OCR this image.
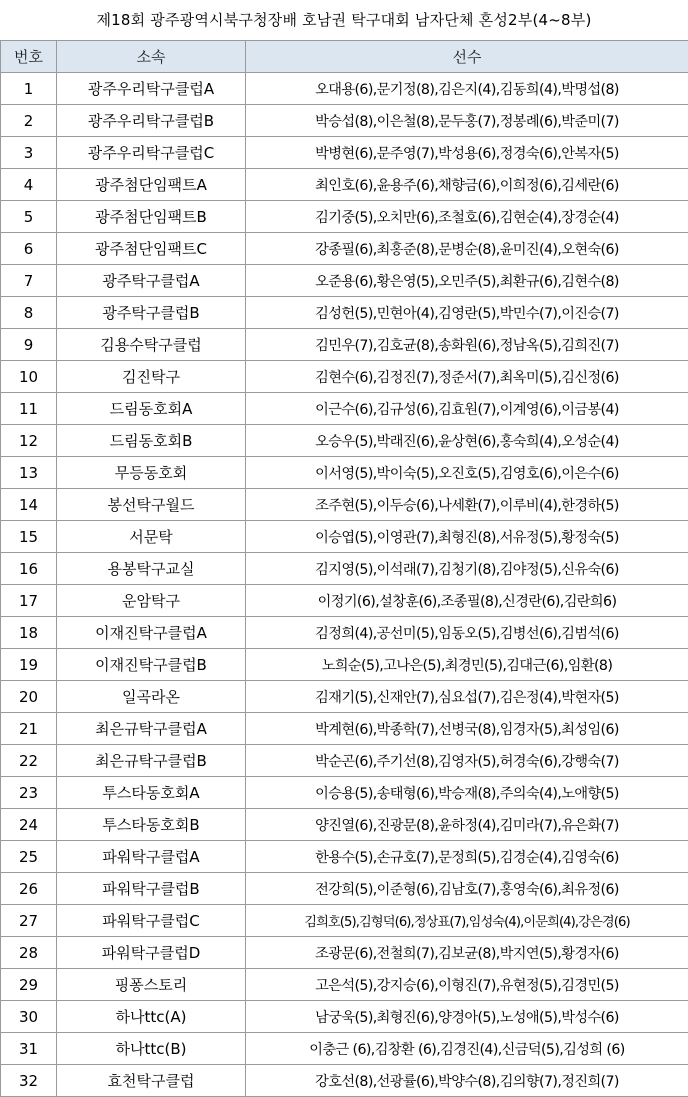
제18회 광주광역시북구청장배 호남권 탁구대회 남자단체 혼성2부(4~8부)
번호	소속	선수
1	광주우리탁구클럽A	오대용(6),문기정(8),김은지(4),김동희(4),박명섭(8)
2	광주우리탁구클럽B	박승섭(8),이은철(8),문두홍(7),정봉례(6),박준미(7)
3	광주우리탁구클럽C	박병현(6),문주영(7),박성용(6),정경숙(6),안복자(5)
4	광주첨단임팩트A	최인호(6),윤용주(6),채향금(6),이희정(6),김세란(6)
5	광주첨단임팩트B	김기중(5),오치만(6),조철호(6),김현순(4),장경순(4)
6	광주첨단임팩트C	강종필(6),최홍준(8),문병순(8),윤미진(4),오현숙(6)
7	광주탁구클럽A	오준용(6),황은영(5),오민주(5),최환규(6),김현수(8)
8	광주탁구클럽B	김성헌(5),민현아(4),김영란(5),박민수(7),이진승(7)
9	김용수탁구클럽	김민우(7),김호균(8),송화원(6),정남옥(5),김희진(7)
10	김진탁구	김현수(6),김정진(7),정준서(7),최옥미(5),김신정(6)
11	드림동호회A	이근수(6),김규성(6),김효원(7),이계영(6),이금봉(4)
12	드림동호회B	오승우(5),박래진(6),윤상현(6),홍숙희(4),오성순(4)
13	무등동호회	이서영(5),박이숙(5),오진호(5),김영호(6),이은수(6)
14	봉선탁구월드	조주현(5),이두승(6),나세환(7),이루비(4),한경하(5)
15	서문탁	이승엽(5),이영관(7),최형진(8),서유정(5),황정숙(5)
16	용봉탁구교실	김지영(5),이석래(7),김청기(8),김야정(5),신유숙(6)
17	운암탁구	이정기(6),설창훈(6),조종필(8),신경란(6),김란희6)
18	이재진탁구클럽A	김정희(4),공선미(5),임동오(5),김병선(6),김범석(6)
19	이재진탁구클럽B	노희순(5),고나은(5),최경민(5),김대근(6),임환(8)
20	일곡라온	김재기(5),신재안(7),심요섭(7),김은정(4),박현자(5)
21	최은규탁구클럽A	박계현(6),박종학(7),선병국(8),임경자(5),최성임(6)
22	최은규탁구클럽B	박순곤(6),주기선(8),김영자(5),허경숙(6),강행숙(7)
23	투스타동호회A	이승용(5),송태형(6),박승재(8),주의숙(4),노애향(5)
24	투스타동호회B	양진열(6),진광문(8),윤하정(4),김미라(7),유은화(7)
25	파워탁구클럽A	한용수(5),손규호(7),문정희(5),김경순(4),김영숙(6)
26	파워탁구클럽B	전강희(5),이준형(6),김남호(7),홍영숙(6),최유정(6)
27	파워탁구클럽C	김희호(5),김형덕(6),정상표(7),임성숙(4),이문희(4),강은경(6)
28	파워탁구클럽D	조광문(6),전철희(7),김보균(8),박지연(5),황경자(6)
29	핑퐁스토리	고은석(5),강지승(6),이형진(7),유현정(5),김경민(5)
30	하나ttc(A)	남궁욱(5),최형진(6),양경아(5),노성애(5),박성수(6)
31	하나ttc(B)	이충근 (6),김창환 (6),김경진(4),신금덕(5),김성희 (6)
32	효천탁구클럽	강호선(8),선광률(6),박양수(8),김의향(7),정진희(7)
